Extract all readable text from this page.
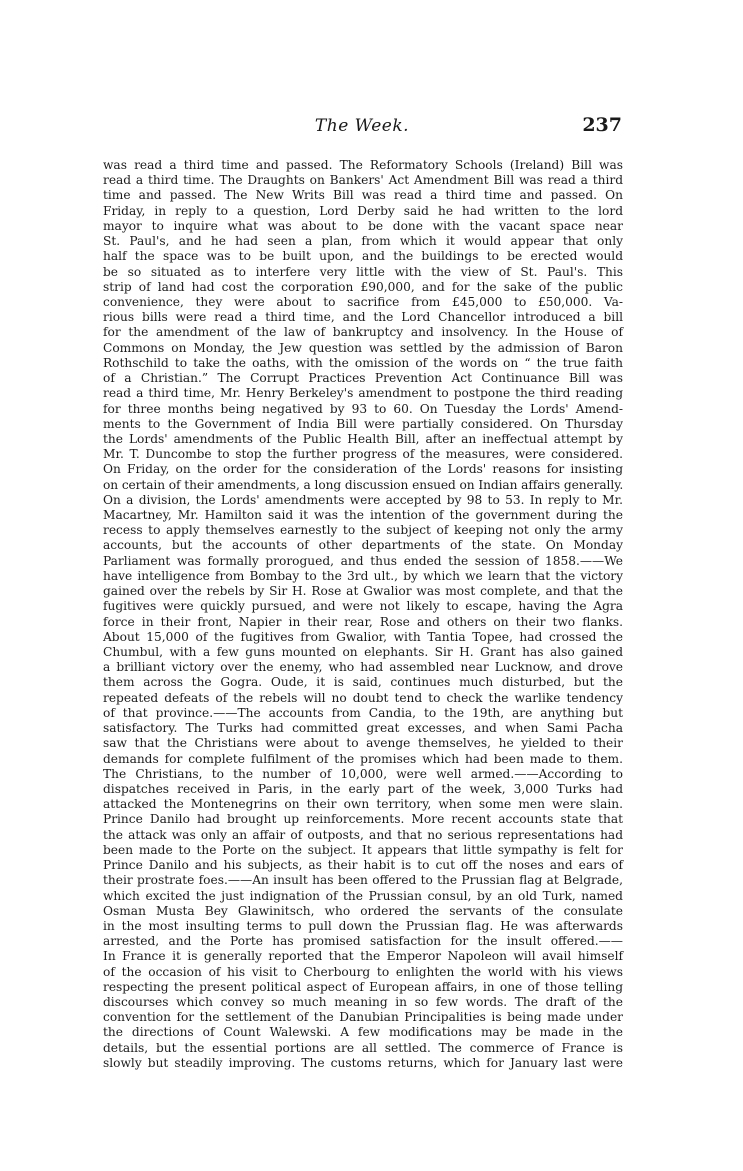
The Week.	237
was read a third time and passed. The Reformatory Schools (Ireland) Bill was
read a third time. The Draughts on Bankers' Act Amendment Bill was read a third
time and passed. The New Writs Bill was read a third time and passed. On
Friday, in reply to a question, Lord Derby said he had written to the lord
mayor to inquire what was about to be done with the vacant space near
St. Paul's, and he had seen a plan, from which it would appear that only
half the space was to be built upon, and the buildings to be erected would
be so situated as to interfere very little with the view of St. Paul's. This
strip of land had cost the corporation £90,000, and for the sake of the public
convenience, they were about to sacrifice from £45,000 to £50,000. Va-
rious bills were read a third time, and the Lord Chancellor introduced a bill
for the amendment of the law of bankruptcy and insolvency. In the House of
Commons on Monday, the Jew question was settled by the admission of Baron
Rothschild to take the oaths, with the omission of the words on “ the true faith
of a Christian.” The Corrupt Practices Prevention Act Continuance Bill was
read a third time, Mr. Henry Berkeley's amendment to postpone the third reading
for three months being negatived by 93 to 60. On Tuesday the Lords' Amend-
ments to the Government of India Bill were partially considered. On Thursday
the Lords' amendments of the Public Health Bill, after an ineffectual attempt by
Mr. T. Duncombe to stop the further progress of the measures, were considered.
On Friday, on the order for the consideration of the Lords' reasons for insisting
on certain of their amendments, a long discussion ensued on Indian affairs generally.
On a division, the Lords' amendments were accepted by 98 to 53. In reply to Mr.
Macartney, Mr. Hamilton said it was the intention of the government during the
recess to apply themselves earnestly to the subject of keeping not only the army
accounts, but the accounts of other departments of the state. On Monday
Parliament was formally prorogued, and thus ended the session of 1858.——We
have intelligence from Bombay to the 3rd ult., by which we learn that the victory
gained over the rebels by Sir H. Rose at Gwalior was most complete, and that the
fugitives were quickly pursued, and were not likely to escape, having the Agra
force in their front, Napier in their rear, Rose and others on their two flanks.
About 15,000 of the fugitives from Gwalior, with Tantia Topee, had crossed the
Chumbul, with a few guns mounted on elephants. Sir H. Grant has also gained
a brilliant victory over the enemy, who had assembled near Lucknow, and drove
them across the Gogra. Oude, it is said, continues much disturbed, but the
repeated defeats of the rebels will no doubt tend to check the warlike tendency
of that province.——The accounts from Candia, to the 19th, are anything but
satisfactory. The Turks had committed great excesses, and when Sami Pacha
saw that the Christians were about to avenge themselves, he yielded to their
demands for complete fulfilment of the promises which had been made to them.
The Christians, to the number of 10,000, were well armed.——According to
dispatches received in Paris, in the early part of the week, 3,000 Turks had
attacked the Montenegrins on their own territory, when some men were slain.
Prince Danilo had brought up reinforcements. More recent accounts state that
the attack was only an affair of outposts, and that no serious representations had
been made to the Porte on the subject. It appears that little sympathy is felt for
Prince Danilo and his subjects, as their habit is to cut off the noses and ears of
their prostrate foes.——An insult has been offered to the Prussian flag at Belgrade,
which excited the just indignation of the Prussian consul, by an old Turk, named
Osman Musta Bey Glawinitsch, who ordered the servants of the consulate
in the most insulting terms to pull down the Prussian flag. He was afterwards
arrested, and the Porte has promised satisfaction for the insult offered.——
In France it is generally reported that the Emperor Napoleon will avail himself
of the occasion of his visit to Cherbourg to enlighten the world with his views
respecting the present political aspect of European affairs, in one of those telling
discourses which convey so much meaning in so few words. The draft of the
convention for the settlement of the Danubian Principalities is being made under
the directions of Count Walewski. A few modifications may be made in the
details, but the essential portions are all settled. The commerce of France is
slowly but steadily improving. The customs returns, which for January last were
